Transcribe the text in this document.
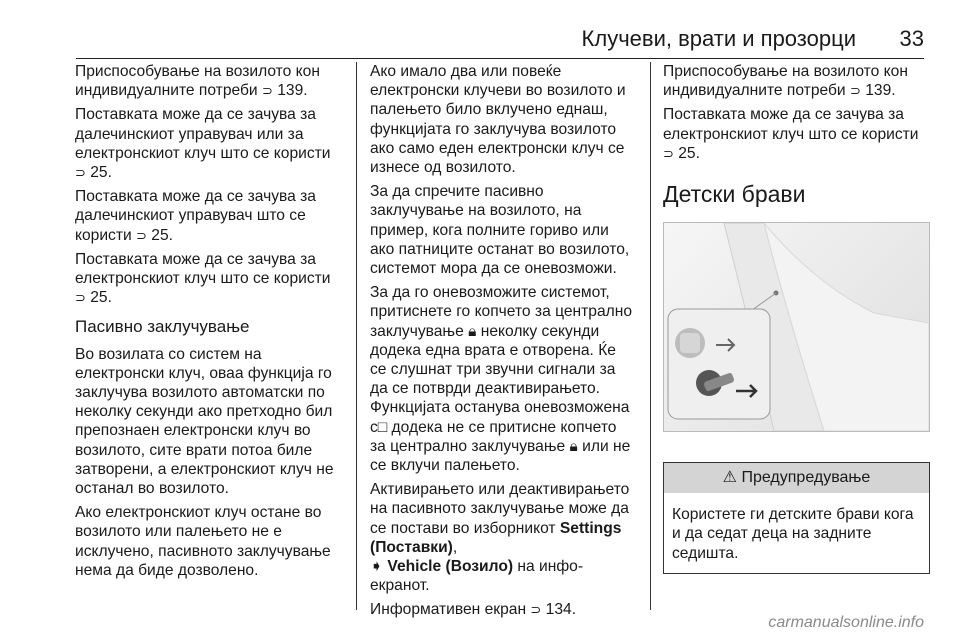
Клучеви, врати и прозорци 33

Приспособување на возилото кон индивидуалните потреби ⊃ 139.

Поставката може да се зачува за далечинскиот управувач или за електронскиот клуч што се користи ⊃ 25.

Поставката може да се зачува за далечинскиот управувач што се користи ⊃ 25.

Поставката може да се зачува за електронскиот клуч што се користи ⊃ 25.

Пасивно заклучување

Во возилата со систем на електронски клуч, оваа функција го заклучува возилото автоматски по неколку секунди ако претходно бил препознаен електронски клуч во возилото, сите врати потоа биле затворени, а електронскиот клуч не останал во возилото.

Ако електронскиот клуч остане во возилото или палењето не е исклучено, пасивното заклучување нема да биде дозволено.

Ако имало два или повеќе електронски клучеви во возилото и палењето било вклучено еднаш, функцијата го заклучува возилото ако само еден електронски клуч се изнесе од возилото.

За да спречите пасивно заклучување на возилото, на пример, кога полните гориво или ако патниците останат во возилото, системот мора да се оневозможи.

За да го оневозможите системот, притиснете го копчето за централно заклучување 🔒︎ неколку секунди додека една врата е отворена. Ќе се слушнат три звучни сигнали за да се потврди деактивирањето. Функцијата останува оневозможена с□ додека не се притисне копчето за централно заклучување 🔒︎ или не се вклучи палењето.

Активирањето или деактивирањето на пасивното заклучување може да се постави во изборникот Settings (Поставки),
➧ Vehicle (Возило) на инфо-екранот.

Информативен екран ⊃ 134.

Приспособување на возилото кон индивидуалните потреби ⊃ 139.

Поставката може да се зачува за електронскиот клуч што се користи ⊃ 25.

Детски брави

⚠ Предупредување
Користете ги детските брави кога и да седат деца на задните седишта.
carmanualsonline.info
